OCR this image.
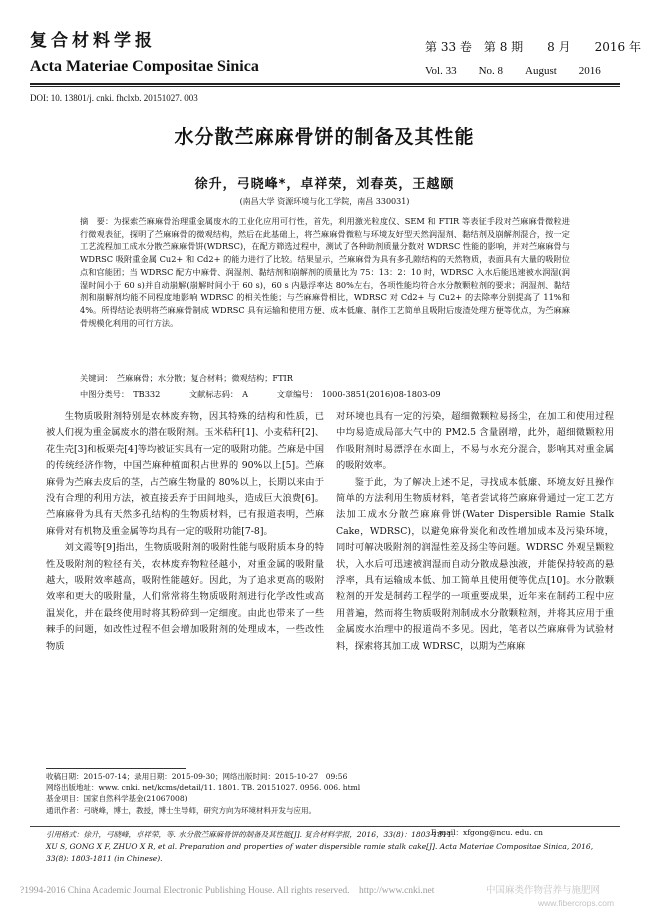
复合材料学报
Acta Materiae Compositae Sinica
第 33 卷　第 8 期　　8 月　　2016 年
Vol. 33　　No. 8　　August　　2016
DOI: 10. 13801/j. cnki. fhclxb. 20151027. 003
水分散苎麻麻骨饼的制备及其性能
徐升，弓晓峰*，卓祥荣，刘春英，王越颐
(南昌大学 资源环境与化工学院，南昌 330031)
摘　要：为探索苎麻麻骨治理重金属废水的工业化应用可行性，首先，利用激光粒度仪、SEM 和 FTIR 等表征手段对苎麻麻骨微粒进行微观表征，探明了苎麻麻骨的微观结构，然后在此基础上，将苎麻麻骨微粒与环境友好型天然润湿剂、黏结剂及崩解剂混合，按一定工艺流程加工成水分散苎麻麻骨饼(WDRSC)，在配方筛选过程中，测试了各种助剂质量分数对 WDRSC 性能的影响，并对苎麻麻骨与 WDRSC 吸附重金属 Cu2+ 和 Cd2+ 的能力进行了比较。结果显示，苎麻麻骨为具有多孔隙结构的天然物质，表面具有大量的吸附位点和官能团；当 WDRSC 配方中麻骨、润湿剂、黏结剂和崩解剂的质量比为 75：13：2：10 时，WDRSC 入水后能迅速被水润湿(润湿时间小于 60 s)并自动崩解(崩解时间小于 60 s)，60 s 内悬浮率达 80%左右，各项性能均符合水分散颗粒剂的要求；润湿剂、黏结剂和崩解剂均能不同程度地影响 WDRSC 的相关性能；与苎麻麻骨相比，WDRSC 对 Cd2+ 与 Cu2+ 的去除率分别提高了 11%和 4%。所得结论表明将苎麻麻骨制成 WDRSC 具有运输和使用方便、成本低廉、制作工艺简单且吸附后废渣处理方便等优点，为苎麻麻骨规模化利用的可行方法。
关键词：　苎麻麻骨；水分散；复合材料；微观结构；FTIR
中图分类号：　TB332	文献标志码：　A	文章编号：　1000-3851(2016)08-1803-09

生物质吸附剂特别是农林废弃物，因其特殊的结构和性质，已被人们视为重金属废水的潜在吸附剂。玉米秸秆[1]、小麦秸秆[2]、花生壳[3]和板栗壳[4]等均被证实具有一定的吸附功能。苎麻是中国的传统经济作物，中国苎麻种植面积占世界的 90%以上[5]。苎麻麻骨为苎麻去皮后的茎，占苎麻生物量的 80%以上，长期以来由于没有合理的利用方法，被直接丢弃于田间地头，造成巨大浪费[6]。苎麻麻骨为具有天然多孔结构的生物质材料，已有报道表明，苎麻麻骨对有机物及重金属等均具有一定的吸附功能[7-8]。

刘文霞等[9]指出，生物质吸附剂的吸附性能与吸附质本身的特性及吸附剂的粒径有关，农林废弃物粒径越小，对重金属的吸附量越大，吸附效率越高，吸附性能越好。因此，为了追求更高的吸附效率和更大的吸附量，人们常常将生物质吸附剂进行化学改性或高温炭化，并在最终使用时将其粉碎到一定细度。由此也带来了一些棘手的问题，如改性过程不但会增加吸附剂的处理成本，一些改性物质

对环境也具有一定的污染，超细微颗粒易扬尘，在加工和使用过程中均易造成局部大气中的 PM2.5 含量剧增，此外，超细微颗粒用作吸附剂时易漂浮在水面上，不易与水充分混合，影响其对重金属的吸附效率。

鉴于此，为了解决上述不足，寻找成本低廉、环境友好且操作简单的方法利用生物质材料，笔者尝试将苎麻麻骨通过一定工艺方法加工成水分散苎麻麻骨饼(Water Dispersible Ramie Stalk Cake，WDRSC)，以避免麻骨炭化和改性增加成本及污染环境，同时可解决吸附剂的润湿性差及扬尘等问题。WDRSC 外观呈颗粒状，入水后可迅速被润湿而自动分散成悬浊液，并能保持较高的悬浮率，具有运输成本低、加工简单且使用便等优点[10]。水分散颗粒剂的开发是制药工程学的一项重要成果，近年来在制药工程中应用普遍，然而将生物质吸附剂制成水分散颗粒剂，并将其应用于重金属废水治理中的报道尚不多见。因此，笔者以苎麻麻骨为试验材料，探索将其加工成 WDRSC，以期为苎麻麻

收稿日期：2015-07-14；录用日期：2015-09-30；网络出版时间：2015-10-27　09:56
网络出版地址：www. cnki. net/kcms/detail/11. 1801. TB. 20151027. 0956. 006. html
基金项目：国家自然科学基金(21067008)
通讯作者：弓晓峰，博士，教授，博士生导师，研究方向为环境材料开发与应用。
E-mail：xfgong@ncu. edu. cn
引用格式：徐升，弓晓峰，卓祥荣，等. 水分散苎麻麻骨饼的制备及其性能[J]. 复合材料学报，2016，33(8)：1803-1811.
XU S, GONG X F, ZHUO X R, et al. Preparation and properties of water dispersible ramie stalk cake[J]. Acta Materiae Compositae Sinica, 2016, 33(8): 1803-1811 (in Chinese).
?1994-2016 China Academic Journal Electronic Publishing House. All rights reserved.　http://www.cnki.net	中国麻类作物营养与施肥网
www.fibercrops.com
